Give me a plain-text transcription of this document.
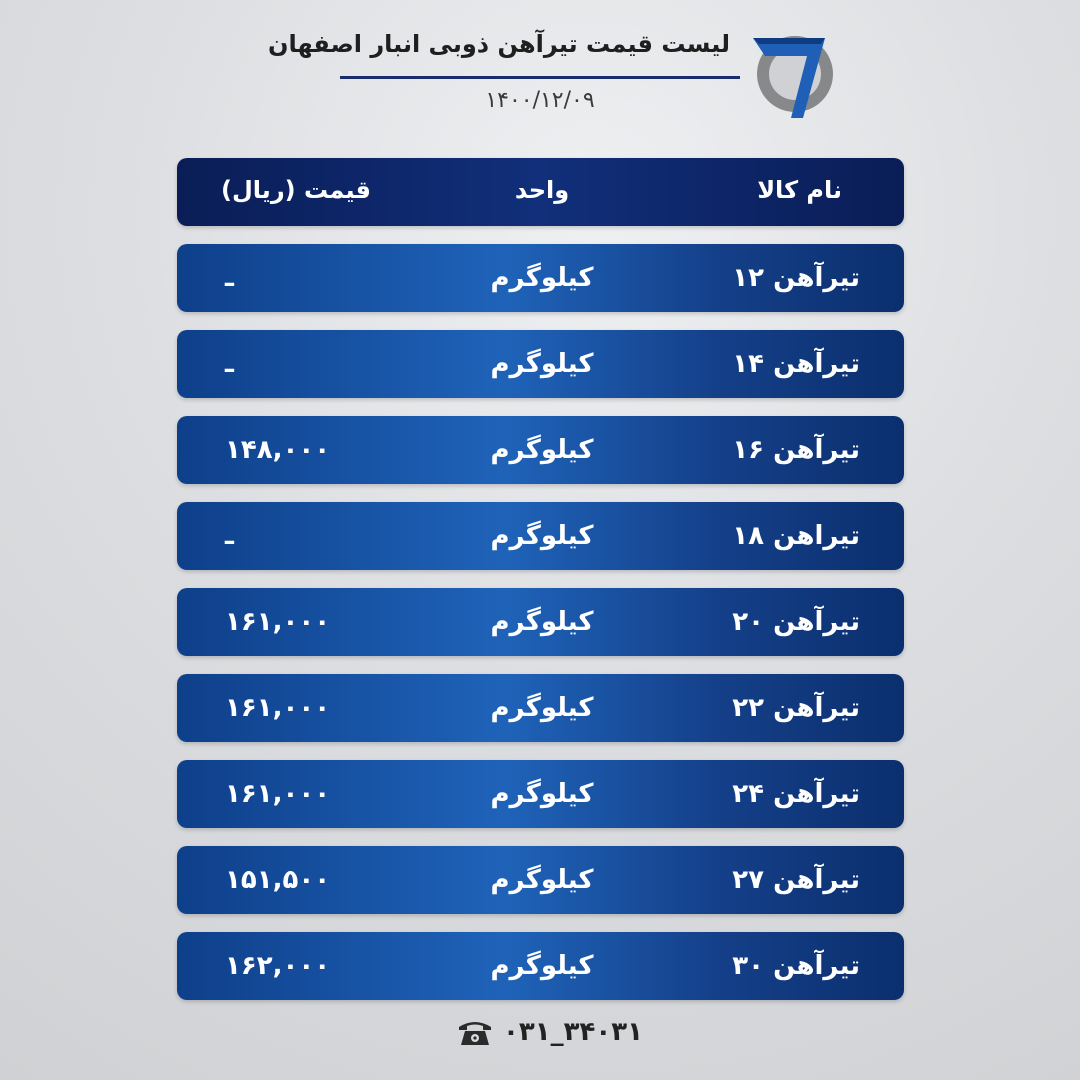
لیست قیمت تیرآهن ذوبی انبار اصفهان
۱۴۰۰/۱۲/۰۹
نام کالا
واحد
قیمت (ریال)
تیرآهن ۱۲
کیلوگرم
ـ
تیرآهن ۱۴
کیلوگرم
ـ
تیرآهن ۱۶
کیلوگرم
۱۴۸,۰۰۰
تیراهن ۱۸
کیلوگرم
ـ
تیرآهن ۲۰
کیلوگرم
۱۶۱,۰۰۰
تیرآهن ۲۲
کیلوگرم
۱۶۱,۰۰۰
تیرآهن ۲۴
کیلوگرم
۱۶۱,۰۰۰
تیرآهن ۲۷
کیلوگرم
۱۵۱,۵۰۰
تیرآهن ۳۰
کیلوگرم
۱۶۲,۰۰۰
۰۳۱_۳۴۰۳۱
